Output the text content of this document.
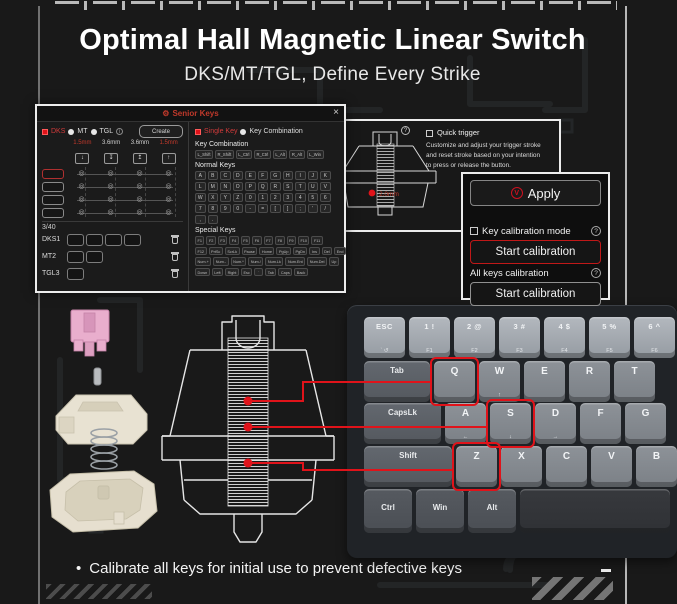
Optimal Hall Magnetic Linear Switch
DKS/MT/TGL, Define Every Strike
?	Quick trigger
Customize and adjust your trigger stroke
and reset stroke based on your intention
to press or release the button.
2.0mm
⚙ Senior Keys	×
DKS MT TGL	i	Create
1.5mm
↓
3.6mm
↧
3.6mm
↥
1.5mm
↑
◎	◎	◎	◎
◎	◎	◎	◎
◎	◎	◎	◎
◎	◎	◎	◎
3/40
DKS1
MT2
TGL3
Single Key Key Combination
Key Combination
L_Shift	R_Shift	L_Ctrl	R_Ctrl	L_Alt	R_Alt	L_Win
Normal Keys
A	B	C	D	E	F	G	H	I	J	K
L	M	N	O	P	Q	R	S	T	U	V
W	X	Y	Z	0	1	2	3	4	5	6
7	8	9	0	-	=	[	]	;	'	/
,	.
Special Keys
F1	F2	F3	F4	F5	F6	F7	F8	F9	F10	F11
F12	PrtSc	ScrLk	Pause	Home	PgUp	PgDn	Ins	Del	End
Num.+	Num.-	Num.*	Num./	Num.Lk	Num.Ent	Num.Del	Up
Down	Left	Right	Esc	`	Tab	Caps	Back
V Apply
Key calibration mode	?
Start calibration
All keys calibration	?
Start calibration
ESC
` ↺
1 !
F1
2 @
F2
3 #
F3
4 $
F4
5 %
F5
6 ^
F6
Tab	Q	W
↑
E	R	T
CapsLk	A
←
S
↓
D
→
F	G
Shift	Z	X	C	V	B
Ctrl	Win	Alt
• Calibrate all keys for initial use to prevent defective keys
